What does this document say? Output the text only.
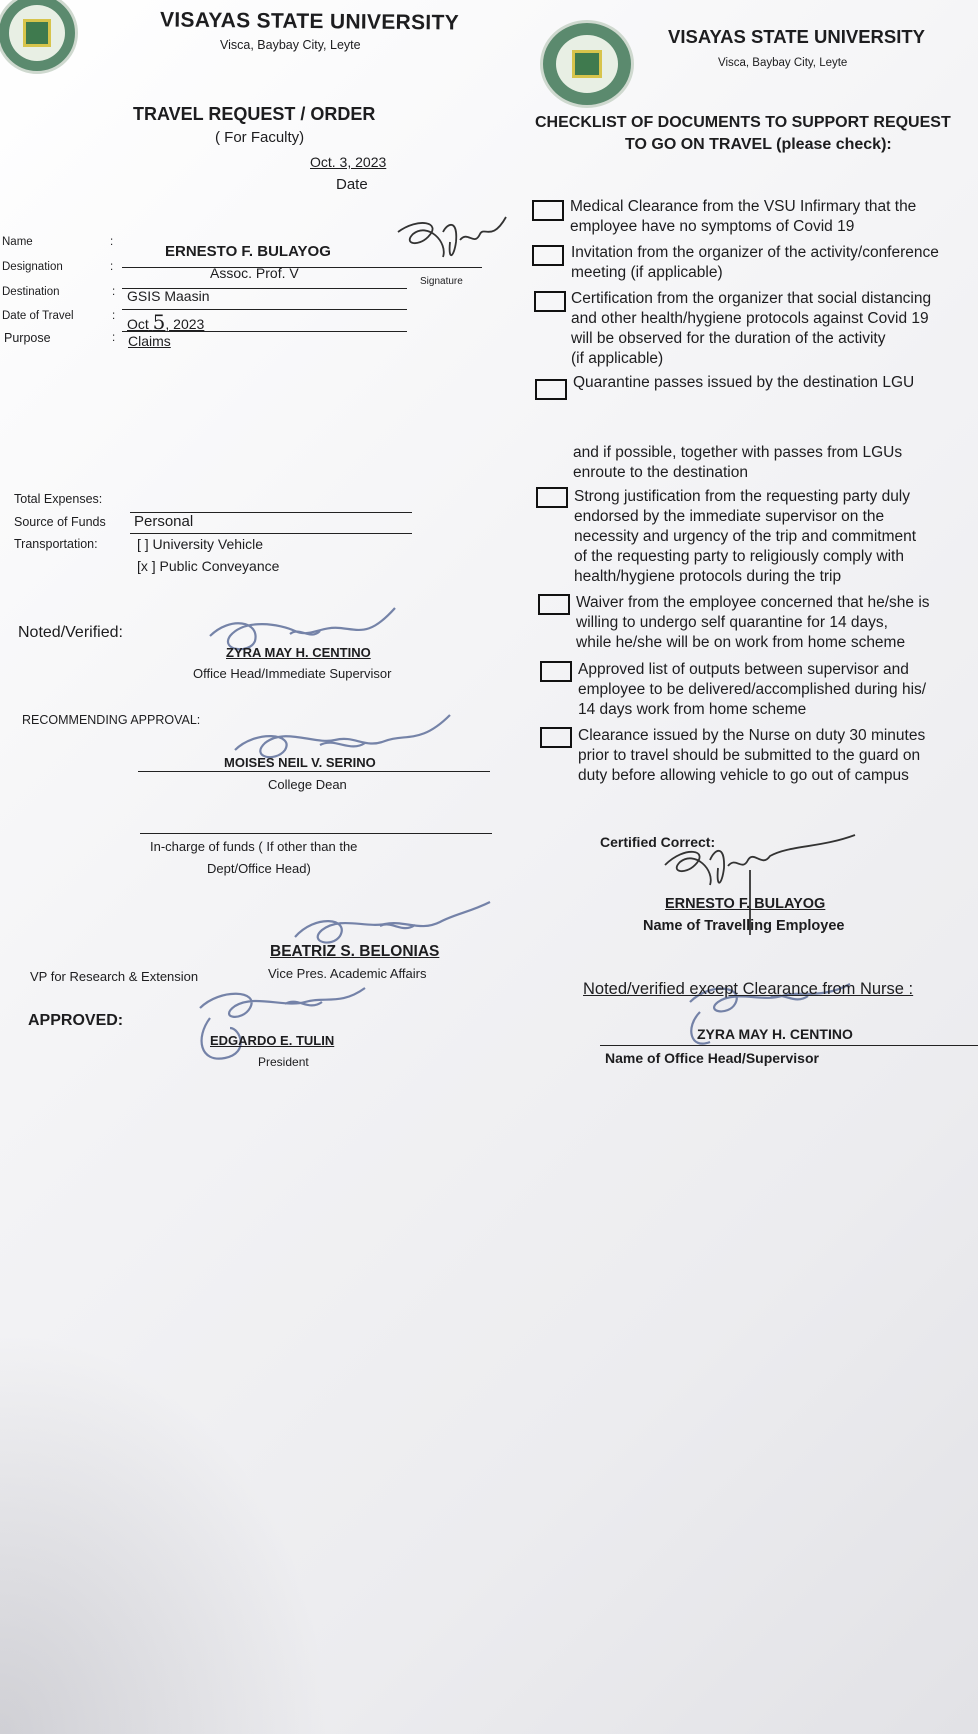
VISAYAS STATE UNIVERSITY
Visca, Baybay City, Leyte
TRAVEL REQUEST / ORDER
( For Faculty)
Oct. 3, 2023
Date
Name	:
ERNESTO F. BULAYOG
Signature
Designation	:	Assoc. Prof. V
Destination	: GSIS Maasin
Date of Travel	: Oct 5, 2023
Purpose	: Claims
Total Expenses:
Source of Funds Personal
Transportation:	[ ] University Vehicle
[x ] Public Conveyance
Noted/Verified:
ZYRA MAY H. CENTINO
Office Head/Immediate Supervisor
RECOMMENDING APPROVAL:
MOISES NEIL V. SERINO
College Dean
In-charge of funds ( If other than the
Dept/Office Head)
BEATRIZ S. BELONIAS
Vice Pres. Academic Affairs
VP for Research & Extension
APPROVED:
EDGARDO E. TULIN
President
VISAYAS STATE UNIVERSITY
Visca, Baybay City, Leyte
CHECKLIST OF DOCUMENTS TO SUPPORT REQUEST
TO GO ON TRAVEL (please check):
Medical Clearance from the VSU Infirmary that the
employee have no symptoms of Covid 19
Invitation from the organizer of the activity/conference
meeting (if applicable)
Certification from the organizer that social distancing
and other health/hygiene protocols against Covid 19
will be observed for the duration of the activity
(if applicable)
Quarantine passes issued by the destination LGU
and if possible, together with passes from LGUs
enroute to the destination
Strong justification from the requesting party duly
endorsed by the immediate supervisor on the
necessity and urgency of the trip and commitment
of the requesting party to religiously comply with
health/hygiene protocols during the trip
Waiver from the employee concerned that he/she is
willing to undergo self quarantine for 14 days,
while he/she will be on work from home scheme
Approved list of outputs between supervisor and
employee to be delivered/accomplished during his/
14 days work from home scheme
Clearance issued by the Nurse on duty 30 minutes
prior to travel should be submitted to the guard on
duty before allowing vehicle to go out of campus
Certified Correct:
ERNESTO F. BULAYOG
Name of Travelling Employee
Noted/verified except Clearance from Nurse :
ZYRA MAY H. CENTINO
Name of Office Head/Supervisor
